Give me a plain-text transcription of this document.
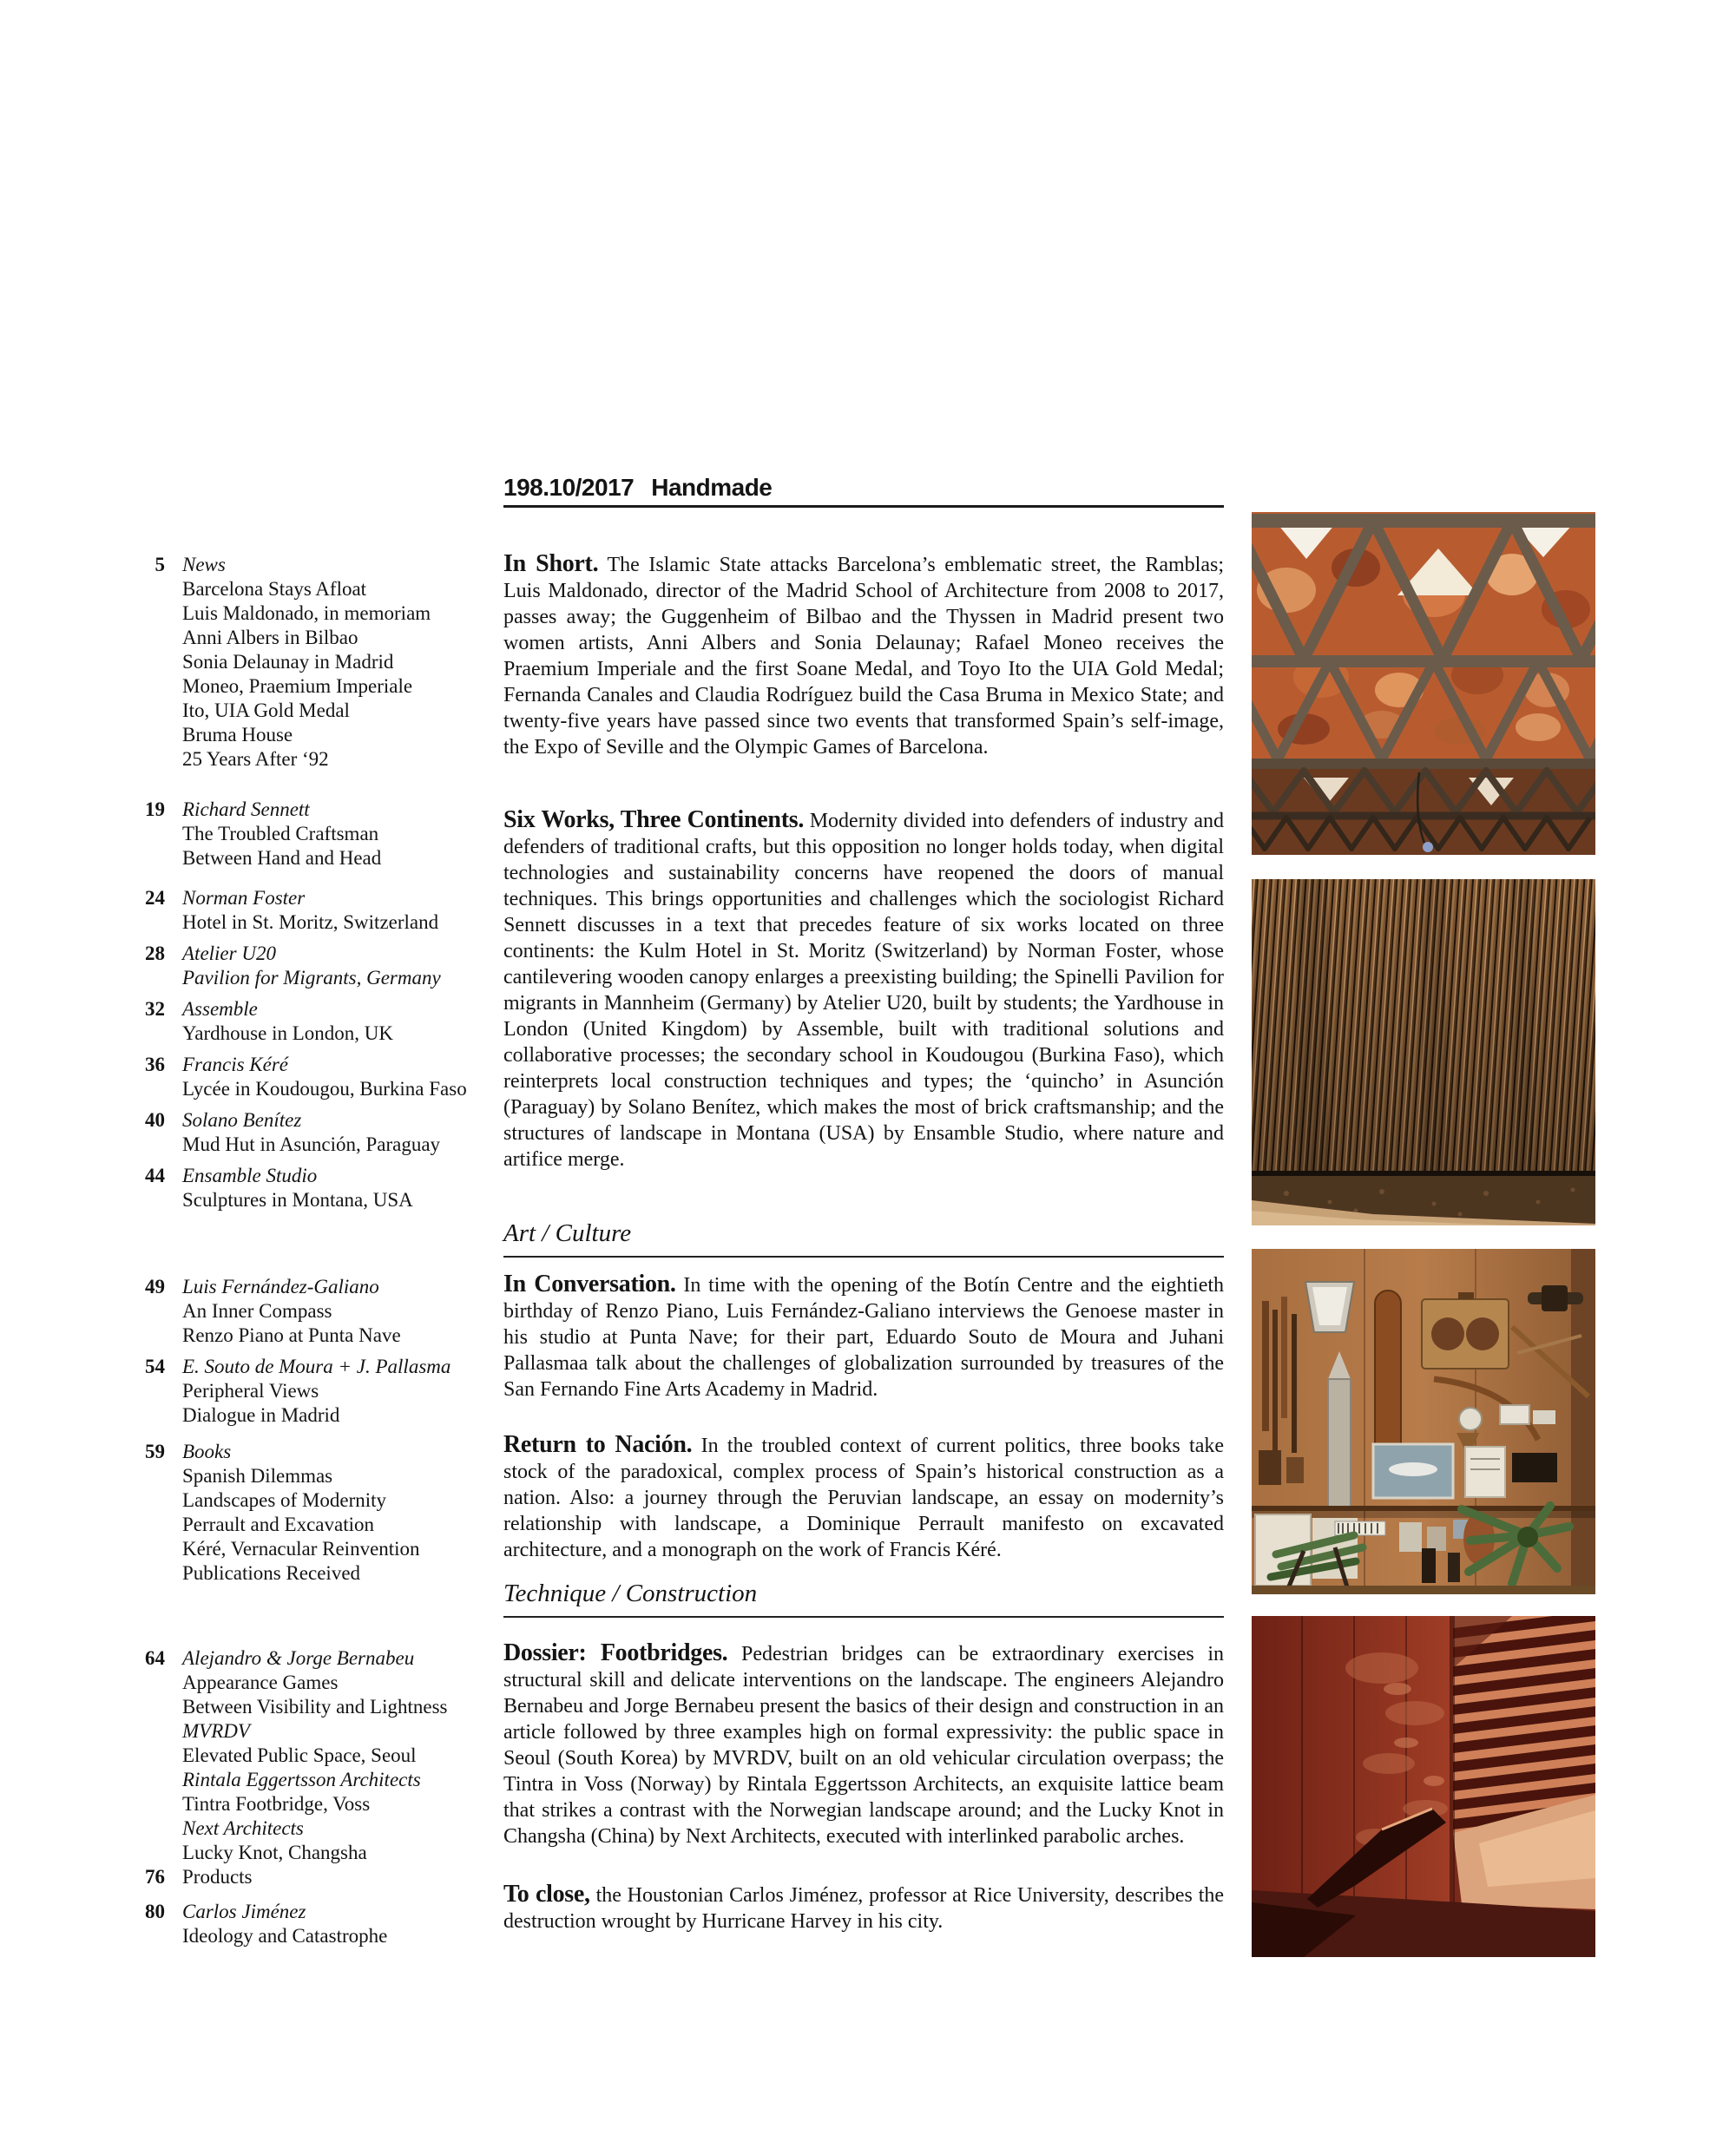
198.10/2017 Handmade
5 News
Barcelona Stays Afloat
Luis Maldonado, in memoriam
Anni Albers in Bilbao
Sonia Delaunay in Madrid
Moneo, Praemium Imperiale
Ito, UIA Gold Medal
Bruma House
25 Years After ‘92
19 Richard Sennett
The Troubled Craftsman
Between Hand and Head
24 Norman Foster
Hotel in St. Moritz, Switzerland
28 Atelier U20
Pavilion for Migrants, Germany
32 Assemble
Yardhouse in London, UK
36 Francis Kéré
Lycée in Koudougou, Burkina Faso
40 Solano Benítez
Mud Hut in Asunción, Paraguay
44 Ensamble Studio
Sculptures in Montana, USA
49 Luis Fernández-Galiano
An Inner Compass
Renzo Piano at Punta Nave
54 E. Souto de Moura + J. Pallasma
Peripheral Views
Dialogue in Madrid
59 Books
Spanish Dilemmas
Landscapes of Modernity
Perrault and Excavation
Kéré, Vernacular Reinvention
Publications Received
64 Alejandro & Jorge Bernabeu
Appearance Games
Between Visibility and Lightness
MVRDV
Elevated Public Space, Seoul
Rintala Eggertsson Architects
Tintra Footbridge, Voss
Next Architects
Lucky Knot, Changsha
76 Products
80 Carlos Jiménez
Ideology and Catastrophe

In Short. The Islamic State attacks Barcelona’s emblematic street, the Ramblas; Luis Maldonado, director of the Madrid School of Architecture from 2008 to 2017, passes away; the Guggenheim of Bilbao and the Thyssen in Madrid present two women artists, Anni Albers and Sonia Delaunay; Rafael Moneo receives the Praemium Imperiale and the first Soane Medal, and Toyo Ito the UIA Gold Medal; Fernanda Canales and Claudia Rodríguez build the Casa Bruma in Mexico State; and twenty-five years have passed since two events that transformed Spain’s self-image, the Expo of Seville and the Olympic Games of Barcelona.

Six Works, Three Continents. Modernity divided into defenders of industry and defenders of traditional crafts, but this opposition no longer holds today, when digital technologies and sustainability concerns have reopened the doors of manual techniques. This brings opportunities and challenges which the sociologist Richard Sennett discusses in a text that precedes feature of six works located on three continents: the Kulm Hotel in St. Moritz (Switzerland) by Norman Foster, whose cantilevering wooden canopy enlarges a preexisting building; the Spinelli Pavilion for migrants in Mannheim (Germany) by Atelier U20, built by students; the Yardhouse in London (United Kingdom) by Assemble, built with traditional solutions and collaborative processes; the secondary school in Koudougou (Burkina Faso), which reinterprets local construction techniques and types; the ‘quincho’ in Asunción (Paraguay) by Solano Benítez, which makes the most of brick craftsmanship; and the structures of landscape in Montana (USA) by Ensamble Studio, where nature and artifice merge.

Art / Culture

In Conversation. In time with the opening of the Botín Centre and the eightieth birthday of Renzo Piano, Luis Fernández-Galiano interviews the Genoese master in his studio at Punta Nave; for their part, Eduardo Souto de Moura and Juhani Pallasmaa talk about the challenges of globalization surrounded by treasures of the San Fernando Fine Arts Academy in Madrid.

Return to Nación. In the troubled context of current politics, three books take stock of the paradoxical, complex process of Spain’s historical construction as a nation. Also: a journey through the Peruvian landscape, an essay on modernity’s relationship with landscape, a Dominique Perrault manifesto on excavated architecture, and a monograph on the work of Francis Kéré.

Technique / Construction

Dossier: Footbridges. Pedestrian bridges can be extraordinary exercises in structural skill and delicate interventions on the landscape. The engineers Alejandro Bernabeu and Jorge Bernabeu present the basics of their design and construction in an article followed by three examples high on formal expressivity: the public space in Seoul (South Korea) by MVRDV, built on an old vehicular circulation overpass; the Tintra in Voss (Norway) by Rintala Eggertsson Architects, an exquisite lattice beam that strikes a contrast with the Norwegian landscape around; and the Lucky Knot in Changsha (China) by Next Architects, executed with interlinked parabolic arches.

To close, the Houstonian Carlos Jiménez, professor at Rice University, describes the destruction wrought by Hurricane Harvey in his city.
